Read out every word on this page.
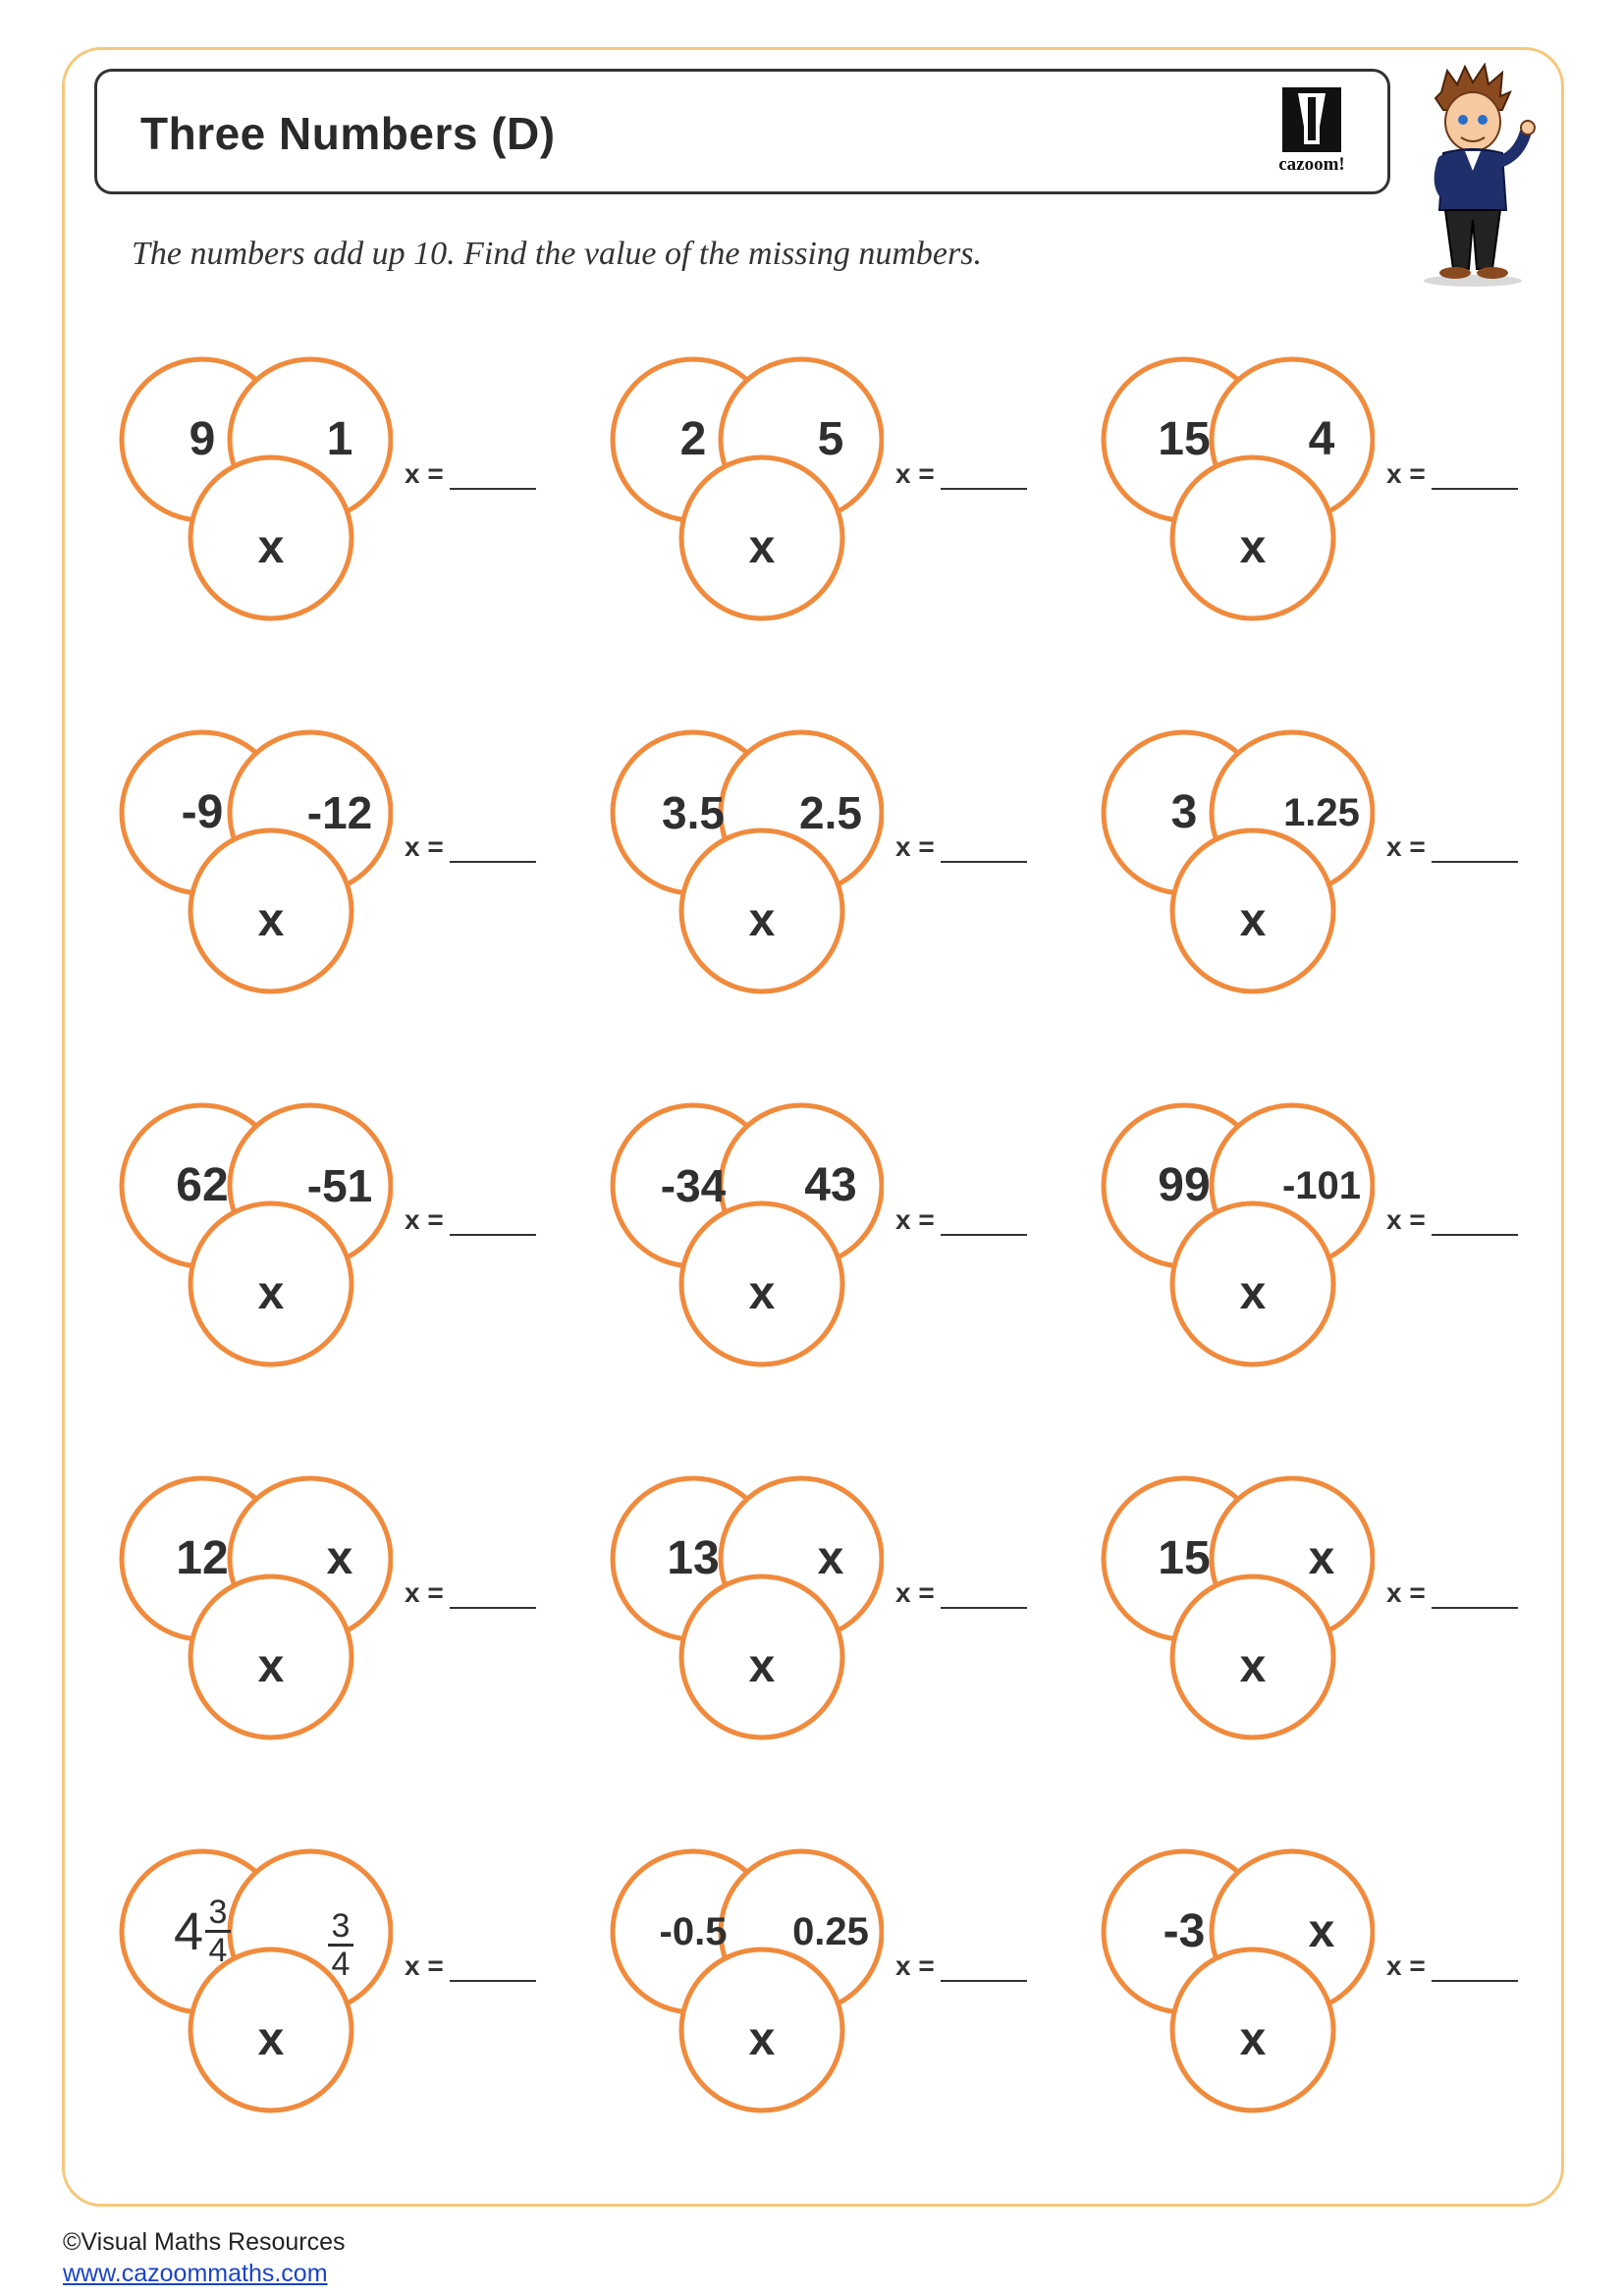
Three Numbers (D)
cazoom!
The numbers add up 10. Find the value of the missing numbers.
9	1
x
x =
2	5
x
x =
15	4
x
x =
-9	-12
x
x =
3.5	2.5
x
x =
3	1.25
x
x =
62	-51
x
x =
-34	43
x
x =
99	-101
x
x =
12	x
x
x =
13	x
x
x =
15	x
x
x =
$4 \frac{3}{4}$	$\frac{3}{4}$
x
x =
-0.5	0.25
x
x =
-3	x
x
x =
©Visual Maths Resources
www.cazoommaths.com
